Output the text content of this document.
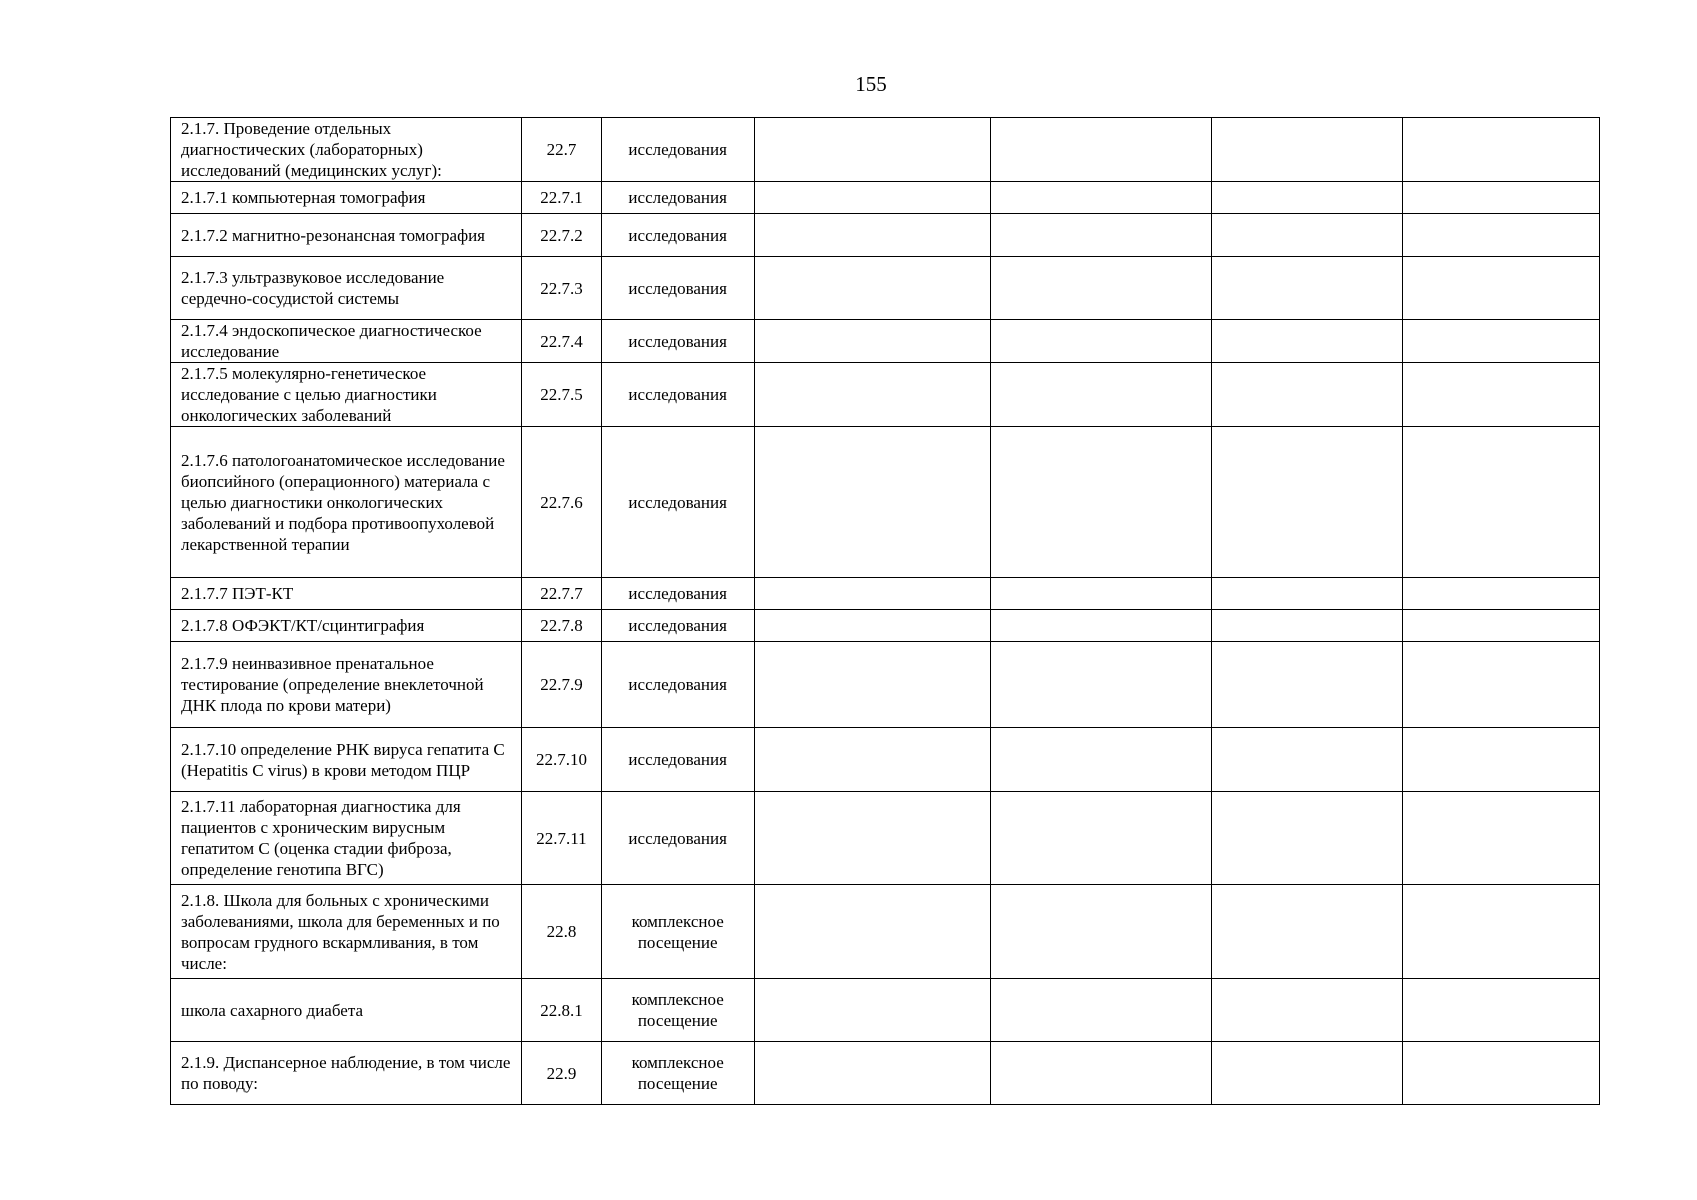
155
2.1.7. Проведение отдельных диагностических (лабораторных) исследований (медицинских услуг):	22.7	исследования				
2.1.7.1 компьютерная томография	22.7.1	исследования				
2.1.7.2 магнитно-резонансная томография	22.7.2	исследования				
2.1.7.3 ультразвуковое исследование сердечно-сосудистой системы	22.7.3	исследования				
2.1.7.4 эндоскопическое диагностическое исследование	22.7.4	исследования				
2.1.7.5 молекулярно-генетическое исследование с целью диагностики онкологических заболеваний	22.7.5	исследования				
2.1.7.6 патологоанатомическое исследование биопсийного (операционного) материала с целью диагностики онкологических заболеваний и подбора противоопухолевой лекарственной терапии	22.7.6	исследования				
2.1.7.7 ПЭТ-КТ	22.7.7	исследования				
2.1.7.8 ОФЭКТ/КТ/сцинтиграфия	22.7.8	исследования				
2.1.7.9 неинвазивное пренатальное тестирование (определение внеклеточной ДНК плода по крови матери)	22.7.9	исследования				
2.1.7.10 определение РНК вируса гепатита C (Hepatitis C virus) в крови методом ПЦР	22.7.10	исследования				
2.1.7.11 лабораторная диагностика для пациентов с хроническим вирусным гепатитом C (оценка стадии фиброза, определение генотипа ВГС)	22.7.11	исследования				
2.1.8. Школа для больных с хроническими заболеваниями, школа для беременных и по вопросам грудного вскармливания, в том числе:	22.8	комплексное посещение				
школа сахарного диабета	22.8.1	комплексное посещение				
2.1.9. Диспансерное наблюдение, в том числе по поводу:	22.9	комплексное посещение				
